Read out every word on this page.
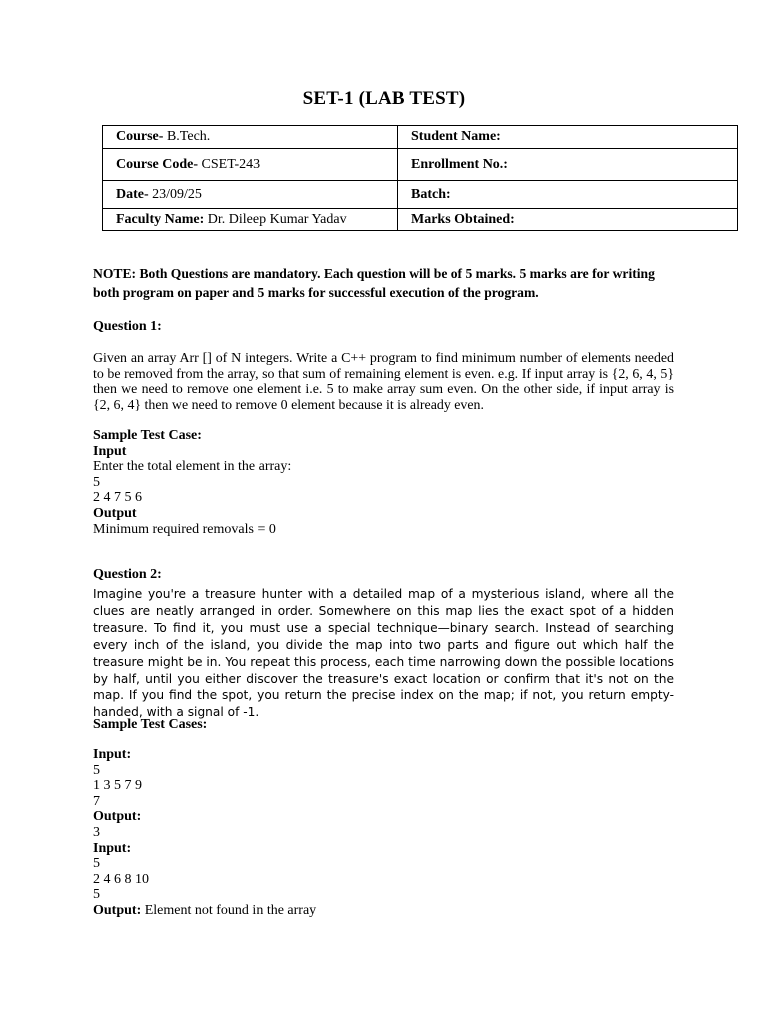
SET-1 (LAB TEST)
Course- B.Tech.	Student Name:
Course Code- CSET-243	Enrollment No.:
Date- 23/09/25	Batch:
Faculty Name: Dr. Dileep Kumar Yadav	Marks Obtained:
NOTE: Both Questions are mandatory. Each question will be of 5 marks. 5 marks are for writing both program on paper and 5 marks for successful execution of the program.
Question 1:
Given an array Arr [] of N integers. Write a C++ program to find minimum number of elements needed to be removed from the array, so that sum of remaining element is even. e.g. If input array is {2, 6, 4, 5} then we need to remove one element i.e. 5 to make array sum even. On the other side, if input array is {2, 6, 4} then we need to remove 0 element because it is already even.
Sample Test Case:
Input
Enter the total element in the array:
5
2 4 7 5 6
Output
Minimum required removals = 0
Question 2:
Imagine you're a treasure hunter with a detailed map of a mysterious island, where all the clues are neatly arranged in order. Somewhere on this map lies the exact spot of a hidden treasure. To find it, you must use a special technique—binary search. Instead of searching every inch of the island, you divide the map into two parts and figure out which half the treasure might be in. You repeat this process, each time narrowing down the possible locations by half, until you either discover the treasure's exact location or confirm that it's not on the map. If you find the spot, you return the precise index on the map; if not, you return empty-handed, with a signal of -1.
Sample Test Cases:
Input:
5
1 3 5 7 9
7
Output:
3
Input:
5
2 4 6 8 10
5
Output: Element not found in the array
